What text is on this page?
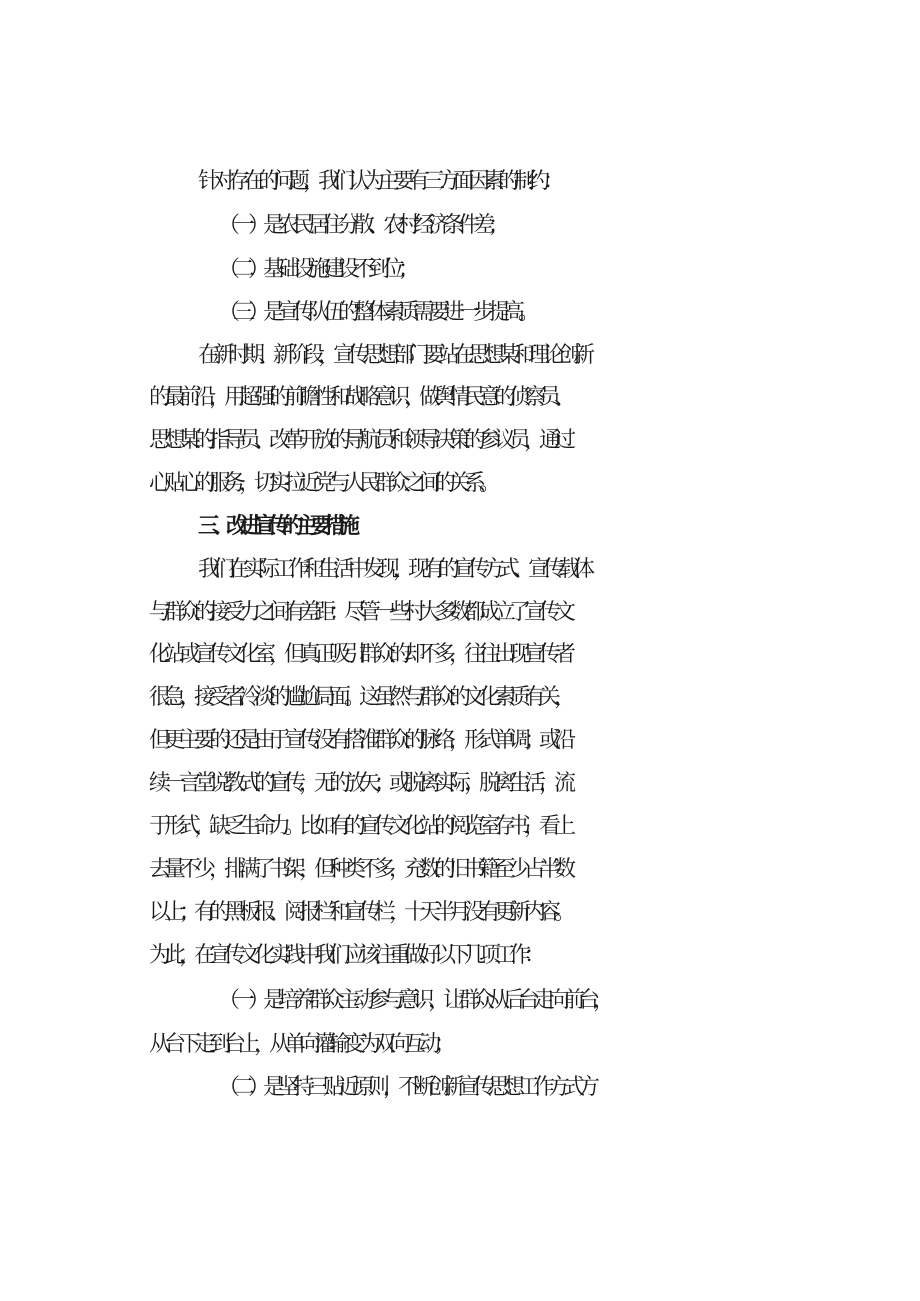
针对存在的问题，我们认为主要有三方面因素的制约：
（一）是农民居住分散、农村经济条件差；
（二）基础设施建设不到位；
（三）是宣传队伍的整体素质需要进一步提高。
在新时期、新阶段，宣传思想部门要站在思想某和理论创新
的最前沿，用超强的前瞻性和战略意识，做舆情民意的侦察员、
思想某的指导员、改革开放的导航员和领导决策的参议员，通过
心贴心的服务，切实拉近党与人民群众之间的关系。
三、改进宣传的主要措施
我们在实际工作和生活中发现，现有的宣传方式、宣传载体
与群众的接受力之间有差距：尽管一些村大多数都成立了宣传文
化站或宣传文化室，但真正吸引群众的却不多，往往出现宣传者
很急，接受者冷淡的尴尬局面。这虽然与群众的文化素质有关，
但更主要的还是由于宣传没有搭准群众的脉络，形式单调；或沿
续一言堂说教式的宣传，无的放矢；或脱离实际，脱离生活，流
于形式，缺乏生命力。比如有的宣传文化站的阅览室存书，看上
去量不少，排满了书架，但种类不多，充数的旧书籍至少占半数
以上；有的黑板报、阅报栏和宣传栏，十天半月没有更新内容。
为此，在宣传文化实践中我们应该注重做好以下几项工作：
（一）是培养群众主动参与意识，让群众从后台走向前台，
从台下走到台上，从单向灌输变为双向互动；
（二）是坚持三贴近原则，不断创新宣传思想工作方式方
